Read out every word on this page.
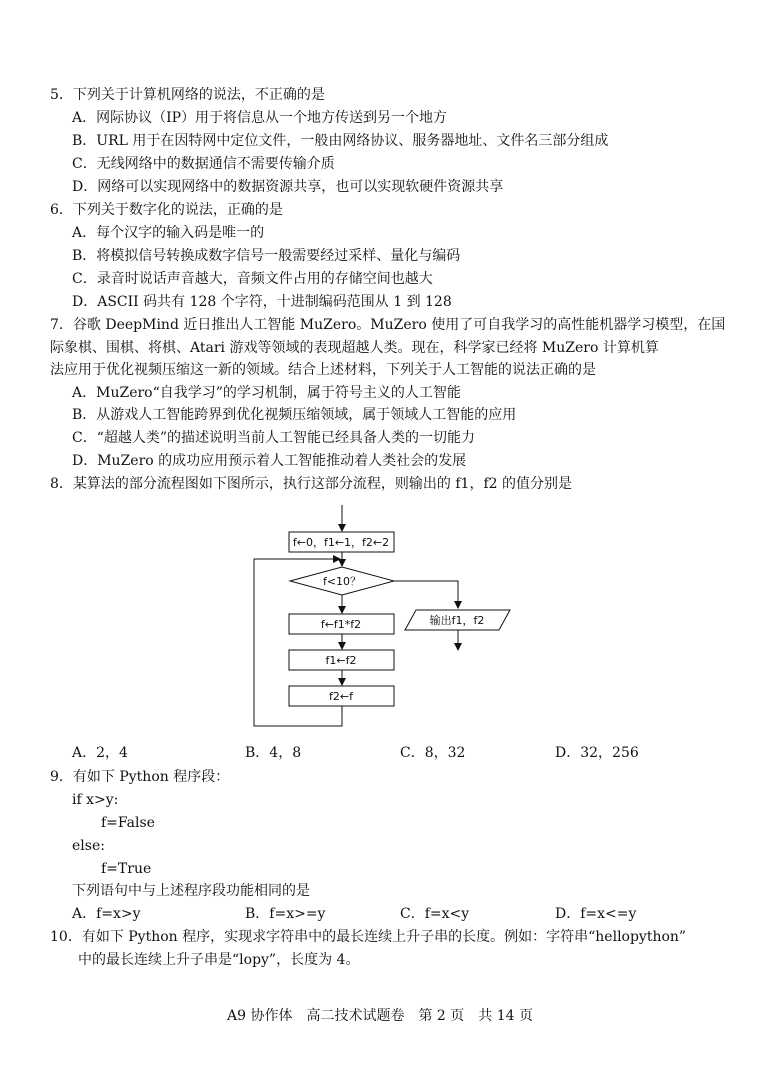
5．下列关于计算机网络的说法，不正确的是
A．网际协议（IP）用于将信息从一个地方传送到另一个地方
B．URL 用于在因特网中定位文件，一般由网络协议、服务器地址、文件名三部分组成
C．无线网络中的数据通信不需要传输介质
D．网络可以实现网络中的数据资源共享，也可以实现软硬件资源共享
6．下列关于数字化的说法，正确的是
A．每个汉字的输入码是唯一的
B．将模拟信号转换成数字信号一般需要经过采样、量化与编码
C．录音时说话声音越大，音频文件占用的存储空间也越大
D．ASCII 码共有 128 个字符，十进制编码范围从 1 到 128
7．谷歌 DeepMind 近日推出人工智能 MuZero。MuZero 使用了可自我学习的高性能机器学习模型，在国
际象棋、围棋、将棋、Atari 游戏等领域的表现超越人类。现在，科学家已经将 MuZero 计算机算
法应用于优化视频压缩这一新的领域。结合上述材料，下列关于人工智能的说法正确的是
A．MuZero“自我学习”的学习机制，属于符号主义的人工智能
B．从游戏人工智能跨界到优化视频压缩领域，属于领域人工智能的应用
C．“超越人类”的描述说明当前人工智能已经具备人类的一切能力
D．MuZero 的成功应用预示着人工智能推动着人类社会的发展
8．某算法的部分流程图如下图所示，执行这部分流程，则输出的 f1，f2 的值分别是
f←0，f1←1，f2←2
f<10？
f←f1*f2
f1←f2
f2←f
输出f1，f2
A．2，4	B．4，8	C．8，32	D．32，256
9．有如下 Python 程序段：
if x>y:
f=False
else:
f=True
下列语句中与上述程序段功能相同的是
A．f=x>y	B．f=x>=y	C．f=x<y	D．f=x<=y
10．有如下 Python 程序，实现求字符串中的最长连续上升子串的长度。例如：字符串“hellopython”
中的最长连续上升子串是“lopy”，长度为 4。
A9 协作体　高二技术试题卷　第 2 页　共 14 页
